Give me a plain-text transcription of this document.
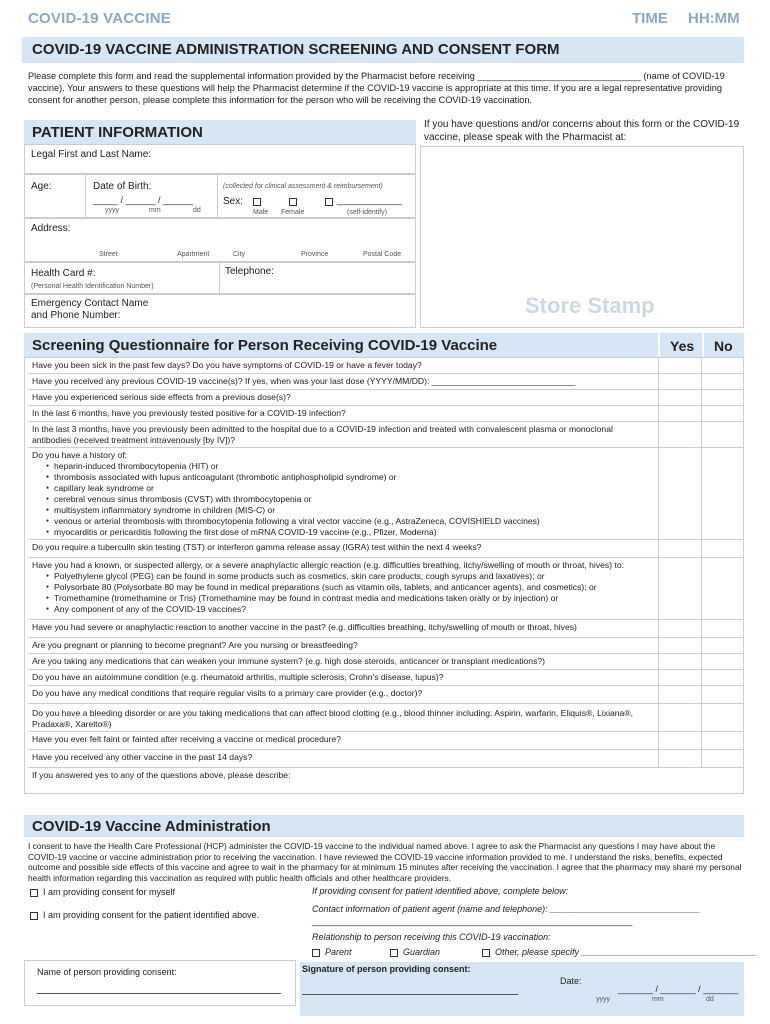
COVID-19 VACCINE	TIME HH:MM
COVID-19 VACCINE ADMINISTRATION SCREENING AND CONSENT FORM
Please complete this form and read the supplemental information provided by the Pharmacist before receiving ________________________________ (name of COVID-19 vaccine). Your answers to these questions will help the Pharmacist determine if the COVID-19 vaccine is appropriate at this time. If you are a legal representative providing consent for another person, please complete this information for the person who will be receiving the COVID-19 vaccination.
PATIENT INFORMATION
Legal First and Last Name:
Age:	Date of Birth:
_____ / ______ / ______
yyyy	mm	dd
(collected for clinical assessment & reimbursement)
Sex:	_____________
Male Female	(self-identify)
Address:
Street	Apartment	City	Province	Postal Code
Health Card #:
(Personal Health Identification Number)
Telephone:
Emergency Contact Name and Phone Number:
If you have questions and/or concerns about this form or the COVID-19 vaccine, please speak with the Pharmacist at:
Store Stamp
Screening Questionnaire for Person Receiving COVID-19 Vaccine	Yes	No
Have you been sick in the past few days? Do you have symptoms of COVID-19 or have a fever today?
Have you received any previous COVID-19 vaccine(s)? If yes, when was your last dose (YYYY/MM/DD): ______________________________
Have you experienced serious side effects from a previous dose(s)?
In the last 6 months, have you previously tested positive for a COVID-19 infection?
In the last 3 months, have you previously been admitted to the hospital due to a COVID-19 infection and treated with convalescent plasma or monoclonal antibodies (received treatment intravenously [by IV])?
Do you have a history of:
● heparin-induced thrombocytopenia (HIT) or
● thrombosis associated with lupus anticoagulant (thrombotic antiphospholipid syndrome) or
● capillary leak syndrome or
● cerebral venous sinus thrombosis (CVST) with thrombocytopenia or
● multisystem inflammatory syndrome in children (MIS-C) or
● venous or arterial thrombosis with thrombocytopenia following a viral vector vaccine (e.g., AstraZeneca, COVISHIELD vaccines)
● myocarditis or pericarditis following the first dose of mRNA COVID-19 vaccine (e.g., Pfizer, Moderna)
Do you require a tuberculin skin testing (TST) or interferon gamma release assay (IGRA) test within the next 4 weeks?
Have you had a known, or suspected allergy, or a severe anaphylactic allergic reaction (e.g. difficulties breathing, itchy/swelling of mouth or throat, hives) to:
● Polyethylene glycol (PEG) can be found in some products such as cosmetics, skin care products, cough syrups and laxatives); or
● Polysorbate 80 (Polysorbate 80 may be found in medical preparations (such as vitamin oils, tablets, and anticancer agents), and cosmetics); or
● Tromethamine (tromethamine or Tris) (Tromethamine may be found in contrast media and medications taken orally or by injection) or
● Any component of any of the COVID-19 vaccines?
Have you had severe or anaphylactic reaction to another vaccine in the past? (e.g. difficulties breathing, itchy/swelling of mouth or throat, hives)
Are you pregnant or planning to become pregnant? Are you nursing or breastfeeding?
Are you taking any medications that can weaken your immune system? (e.g. high dose steroids, anticancer or transplant medications?)
Do you have an autoimmune condition (e.g. rheumatoid arthritis, multiple sclerosis, Crohn's disease, lupus)?
Do you have any medical conditions that require regular visits to a primary care provider (e.g., doctor)?
Do you have a bleeding disorder or are you taking medications that can affect blood clotting (e.g., blood thinner including: Aspirin, warfarin, Eliquis®, Lixiana®, Pradaxa®, Xarelto®)
Have you ever felt faint or fainted after receiving a vaccine or medical procedure?
Have you received any other vaccine in the past 14 days?
If you answered yes to any of the questions above, please describe:
COVID-19 Vaccine Administration
I consent to have the Health Care Professional (HCP) administer the COVID-19 vaccine to the individual named above. I agree to ask the Pharmacist any questions I may have about the COVID-19 vaccine or vaccine administration prior to receiving the vaccination. I have reviewed the COVID-19 vaccine information provided to me. I understand the risks, benefits, expected outcome and possible side effects of this vaccine and agree to wait in the pharmacy for at minimum 15 minutes after receiving the vaccination. I agree that the pharmacy may share my personal health information regarding this vaccination as required with public health officials and other healthcare providers.
I am providing consent for myself
I am providing consent for the patient identified above.
If providing consent for patient identified above, complete below:
Contact information of patient agent (name and telephone): ______________________________
________________________________________________________________
Relationship to person receiving this COVID-19 vaccination:
Parent	Guardian	Other, please specify ___________________________________
Name of person providing consent:	Signature of person providing consent:
Date:
_______ / _______ / _______
yyyy	mm	dd
